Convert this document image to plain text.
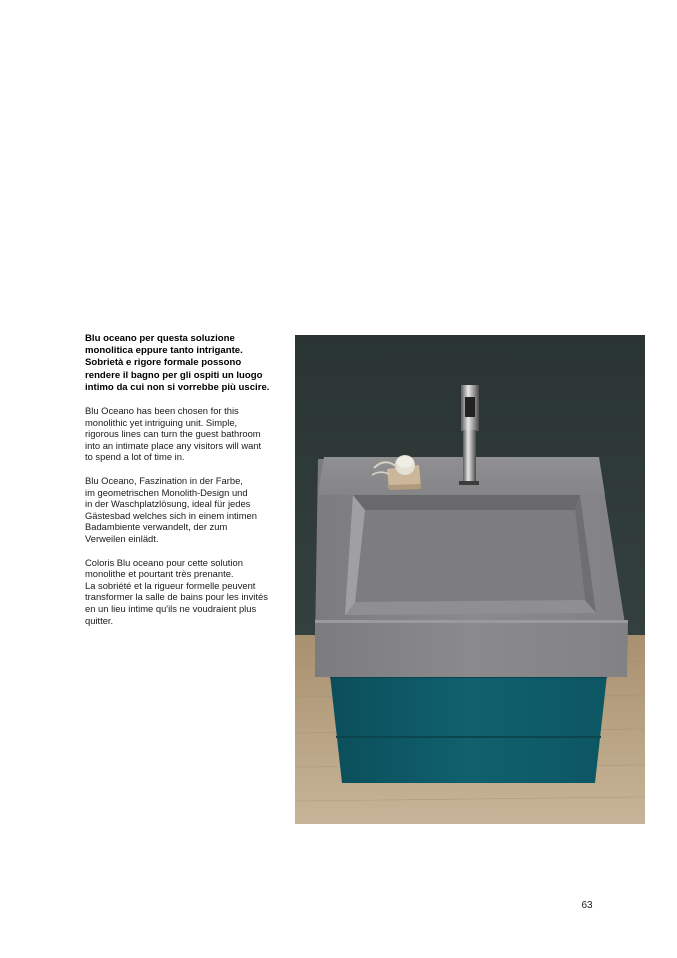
Blu oceano per questa soluzione
monolitica eppure tanto intrigante.
Sobrietà e rigore formale possono
rendere il bagno per gli ospiti un luogo
intimo da cui non si vorrebbe più uscire.

Blu Oceano has been chosen for this
monolithic yet intriguing unit. Simple,
rigorous lines can turn the guest bathroom
into an intimate place any visitors will want
to spend a lot of time in.

Blu Oceano, Faszination in der Farbe,
im geometrischen Monolith-Design und
in der Waschplatzlösung, ideal für jedes
Gästesbad welches sich in einem intimen
Badambiente verwandelt, der zum
Verweilen einlädt.

Coloris Blu oceano pour cette solution
monolithe et pourtant très prenante.
La sobriété et la rigueur formelle peuvent
transformer la salle de bains pour les invités
en un lieu intime qu'ils ne voudraient plus
quitter.

63
